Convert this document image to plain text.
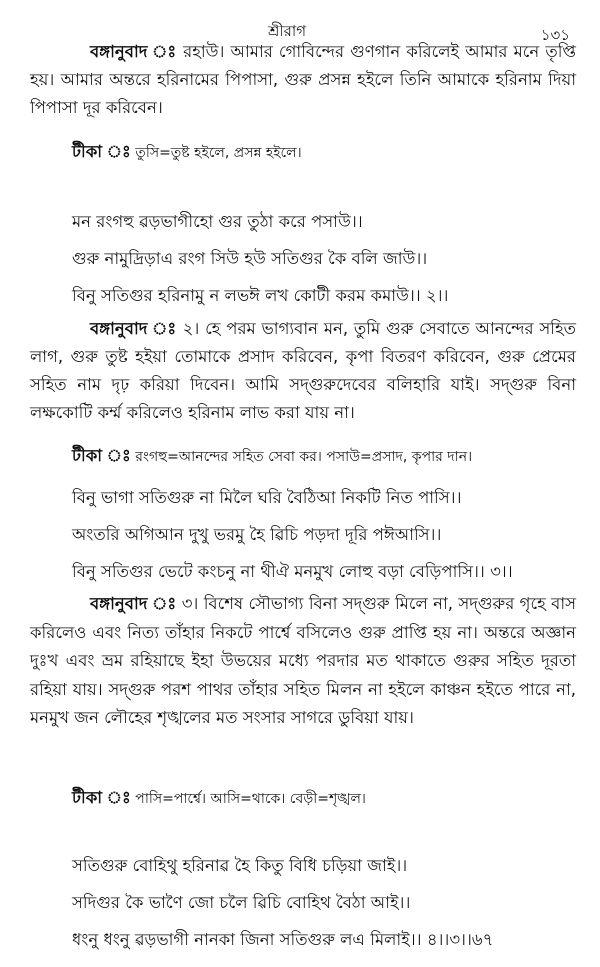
শ্রীরাগ	১৩১

বঙ্গানুবাদ ঃ রহাউ। আমার গোবিন্দের গুণগান করিলেই আমার মনে তৃপ্তি হয়। আমার অন্তরে হরিনামের পিপাসা, গুরু প্রসন্ন হইলে তিনি আমাকে হরিনাম দিয়া পিপাসা দূর করিবেন।

টীকা ঃ তুসি=তুষ্ট হইলে, প্রসন্ন হইলে।

মন রংগহু ৱড়ভাগীহো গুর তুঠা করে পসাউ।।
গুরু নামুদ্রিড়াএ রংগ সিউ হউ সতিগুর কৈ বলি জাউ।।
বিনু সতিগুর হরিনামু ন লভঈ লখ কোটী করম কমাউ।। ২।।

বঙ্গানুবাদ ঃ ২। হে পরম ভাগ্যবান মন, তুমি গুরু সেবাতে আনন্দের সহিত লাগ, গুরু তুষ্ট হইয়া তোমাকে প্রসাদ করিবেন, কৃপা বিতরণ করিবেন, গুরু প্রেমের সহিত নাম দৃঢ় করিয়া দিবেন। আমি সদ্গুরুদেবের বলিহারি যাই। সদ্গুরু বিনা লক্ষকোটি কর্ম্ম করিলেও হরিনাম লাভ করা যায় না।

টীকা ঃ রংগহু=আনন্দের সহিত সেবা কর। পসাউ=প্রসাদ, কৃপার দান।

বিনু ভাগা সতিগুরু না মিলৈ ঘরি বৈঠিআ নিকটি নিত পাসি।।
অংতরি অগিআন দুখু ভরমু হৈ ৱিচি পড়দা দূরি পঈআসি।।
বিনু সতিগুর ভেটে কংচনু না থীঐ মনমুখ লোহু বড়া বেড়িপাসি।। ৩।।

বঙ্গানুবাদ ঃ ৩। বিশেষ সৌভাগ্য বিনা সদ্গুরু মিলে না, সদ্গুরুর গৃহে বাস করিলেও এবং নিত্য তাঁহার নিকটে পার্শ্বে বসিলেও গুরু প্রাপ্তি হয় না। অন্তরে অজ্ঞান দুঃখ এবং ভ্রম রহিয়াছে ইহা উভয়ের মধ্যে পরদার মত থাকাতে গুরুর সহিত দূরতা রহিয়া যায়। সদ্গুরু পরশ পাথর তাঁহার সহিত মিলন না হইলে কাঞ্চন হইতে পারে না, মনমুখ জন লৌহের শৃঙ্খলের মত সংসার সাগরে ডুবিয়া যায়।

টীকা ঃ পাসি=পার্শ্বে। আসি=থাকে। বেড়ী=শৃঙ্খল।

সতিগুরু বোহিথু হরিনাৱ হৈ কিতু বিধি চড়িয়া জাই।।
সদিগুর কৈ ভাণৈ জো চলৈ ৱিচি বোহিথ বৈঠা আই।।
ধংনু ধংনু ৱড়ভাগী নানকা জিনা সতিগুরু লএ মিলাই।। ৪।।৩।।৬৭
